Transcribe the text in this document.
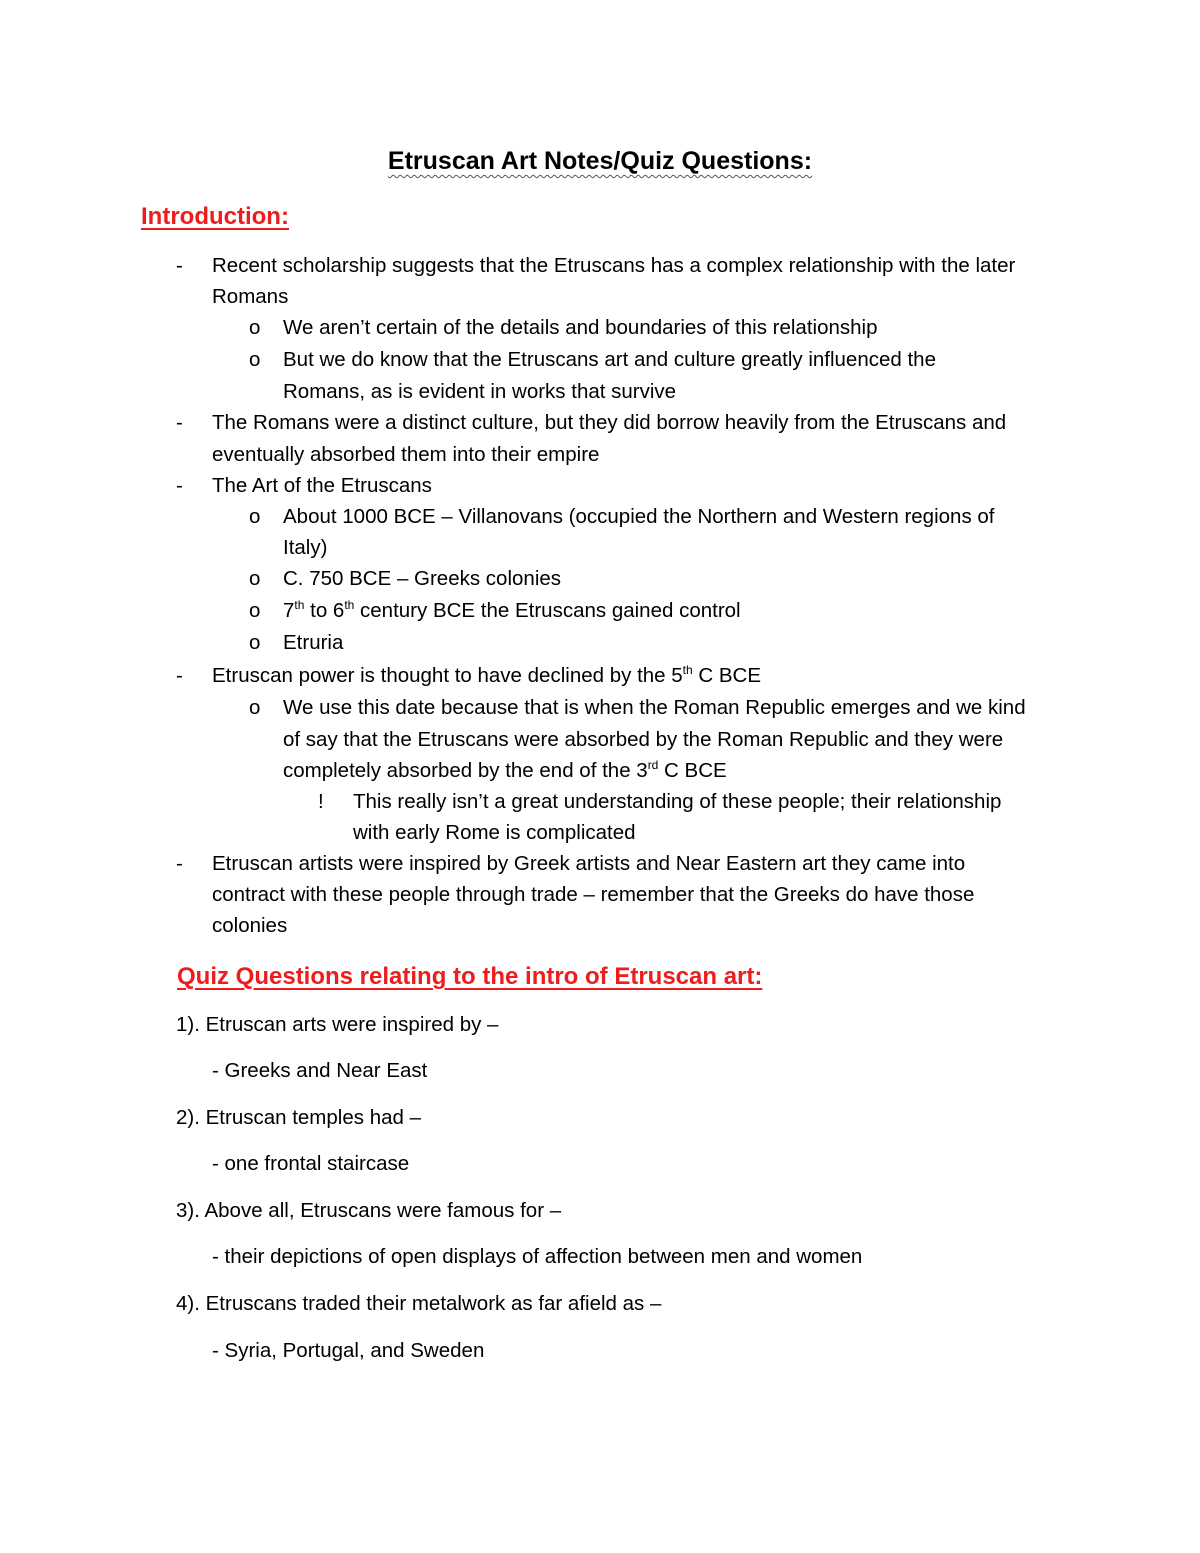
Etruscan Art Notes/Quiz Questions:
Introduction:
- Recent scholarship suggests that the Etruscans has a complex relationship with the later
Romans
o We aren’t certain of the details and boundaries of this relationship
o But we do know that the Etruscans art and culture greatly influenced the
Romans, as is evident in works that survive
- The Romans were a distinct culture, but they did borrow heavily from the Etruscans and
eventually absorbed them into their empire
- The Art of the Etruscans
o About 1000 BCE – Villanovans (occupied the Northern and Western regions of
Italy)
o C. 750 BCE – Greeks colonies
o 7th to 6th century BCE the Etruscans gained control
o Etruria
- Etruscan power is thought to have declined by the 5th C BCE
o We use this date because that is when the Roman Republic emerges and we kind
of say that the Etruscans were absorbed by the Roman Republic and they were
completely absorbed by the end of the 3rd C BCE
! This really isn’t a great understanding of these people; their relationship
with early Rome is complicated
- Etruscan artists were inspired by Greek artists and Near Eastern art they came into
contract with these people through trade – remember that the Greeks do have those
colonies
Quiz Questions relating to the intro of Etruscan art:
1). Etruscan arts were inspired by –
- Greeks and Near East
2). Etruscan temples had –
- one frontal staircase
3). Above all, Etruscans were famous for –
- their depictions of open displays of affection between men and women
4). Etruscans traded their metalwork as far afield as –
- Syria, Portugal, and Sweden
